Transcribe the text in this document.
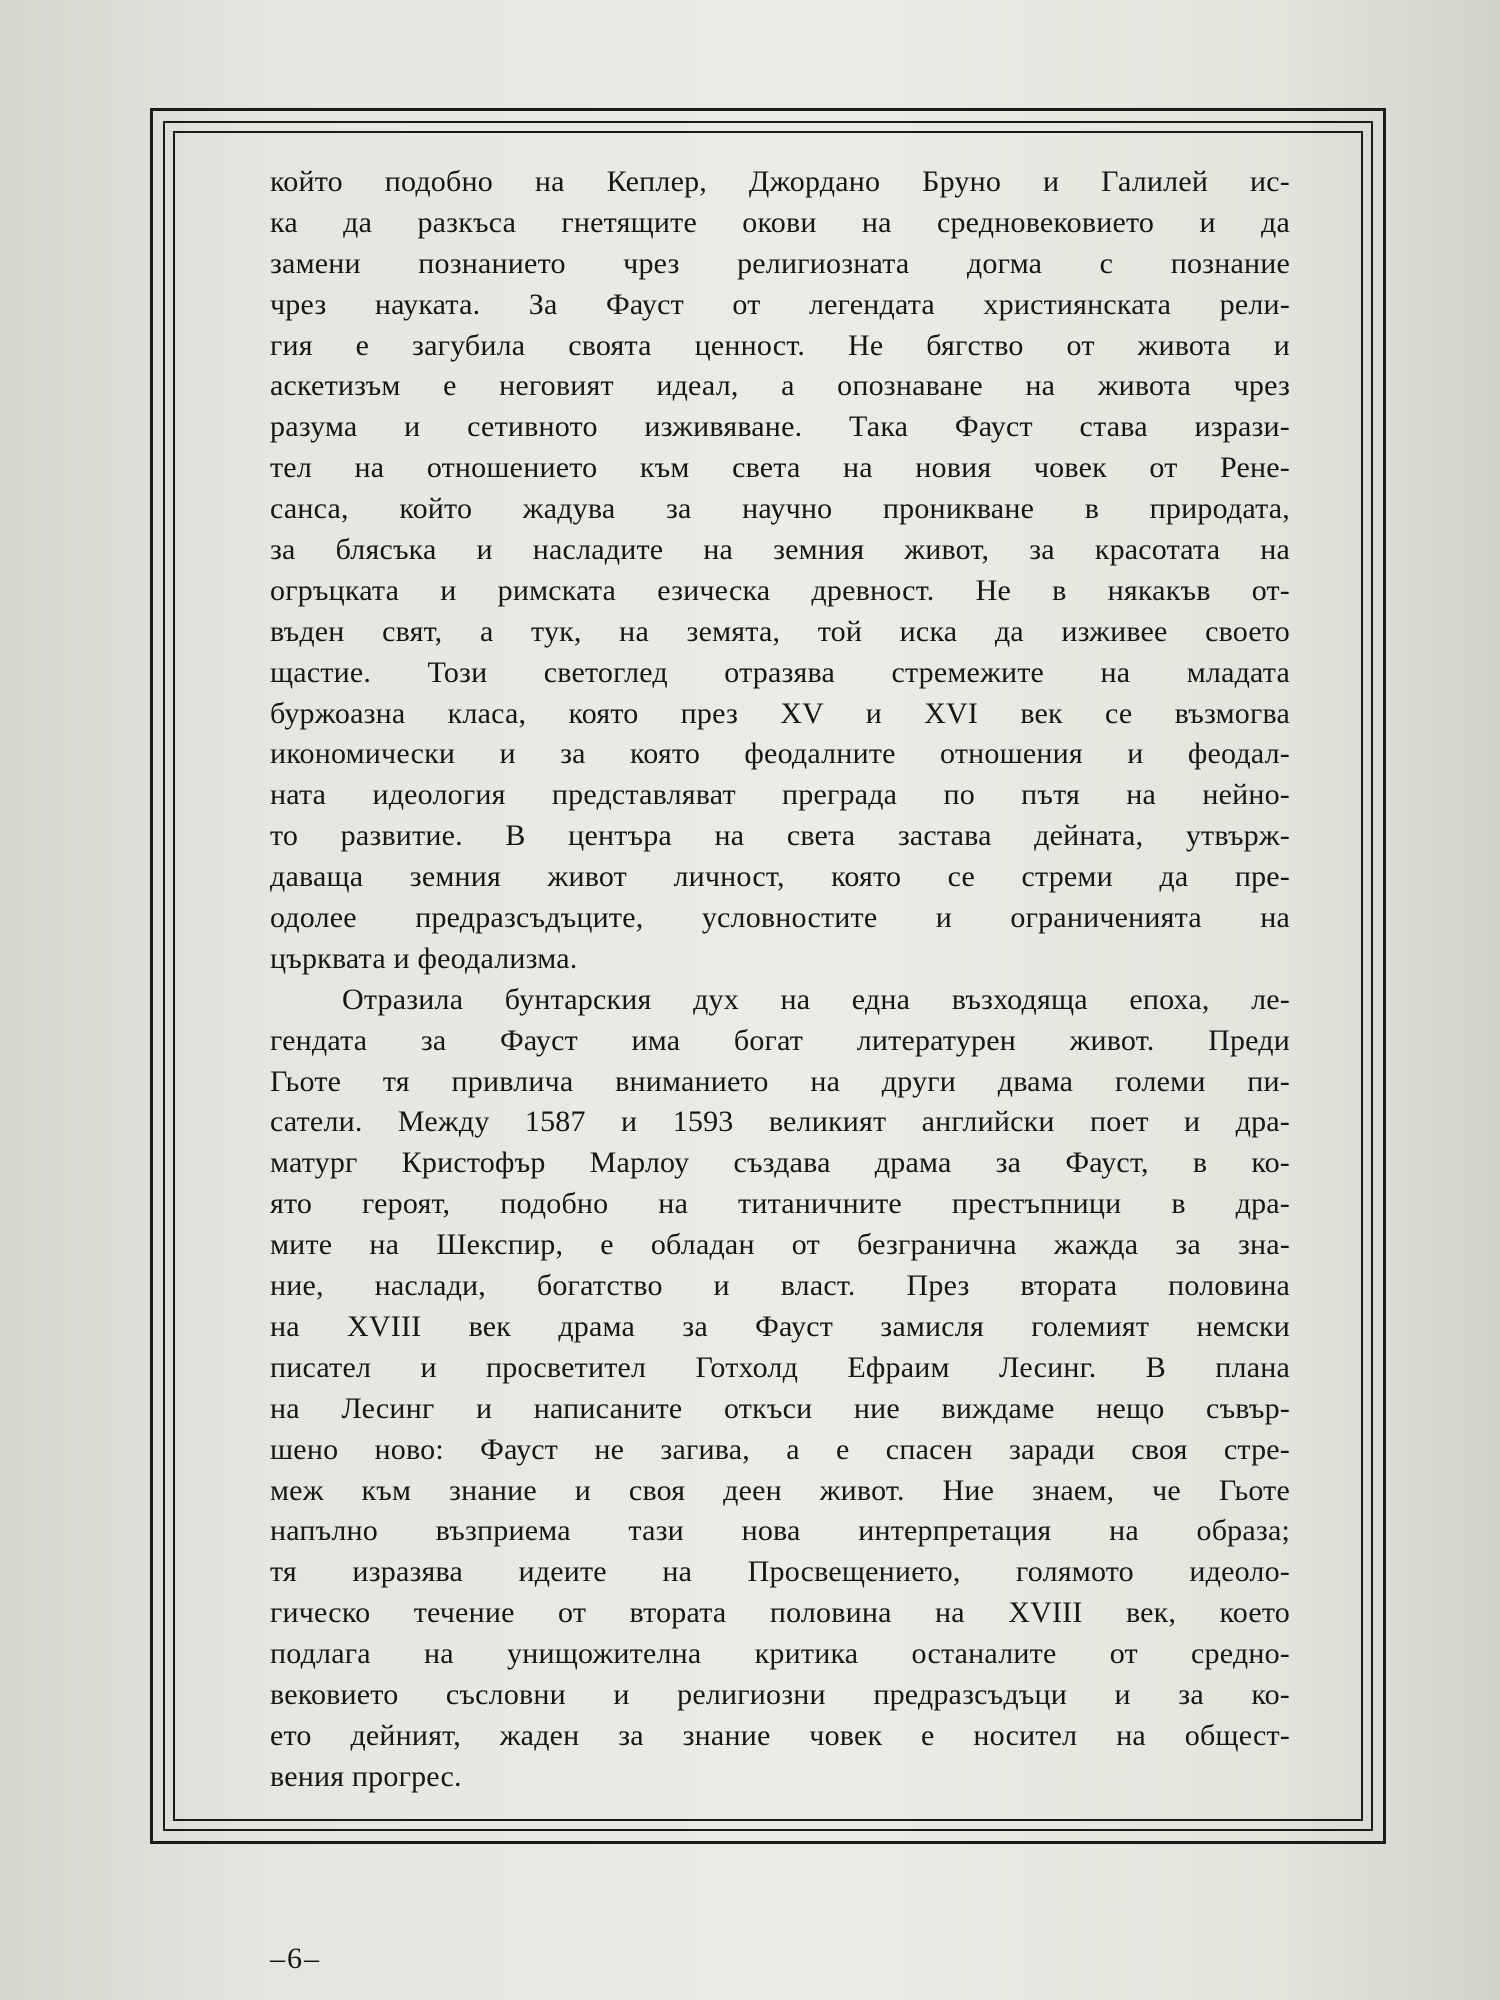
който подобно на Кеплер, Джордано Бруно и Галилей ис-
ка да разкъса гнетящите окови на средновековието и да
замени познанието чрез религиозната догма с познание
чрез науката. За Фауст от легендата християнската рели-
гия е загубила своята ценност. Не бягство от живота и
аскетизъм е неговият идеал, а опознаване на живота чрез
разума и сетивното изживяване. Така Фауст става изрази-
тел на отношението към света на новия човек от Ренe-
санса, който жадува за научно проникване в природата,
за блясъка и насладите на земния живот, за красотата на
огръцката и римската езическа древност. Не в някакъв от-
въден свят, а тук, на земята, той иска да изживее своето
щастие. Този светоглед отразява стремежите на младата
буржоазна класа, която през XV и XVI век се възмогва
икономически и за която феодалните отношения и феодал-
ната идеология представляват преграда по пътя на нейно-
то развитие. В центъра на света застава дейната, утвърж-
даваща земния живот личност, която се стреми да пре-
одолее предразсъдъците, условностите и ограниченията на
църквата и феодализма.
Отразила бунтарския дух на една възходяща епоха, ле-
гендата за Фауст има богат литературен живот. Преди
Гьоте тя привлича вниманието на други двама големи пи-
сатели. Между 1587 и 1593 великият английски поет и дра-
матург Кристофър Марлоу създава драма за Фауст, в ко-
ято героят, подобно на титаничните престъпници в дра-
мите на Шекспир, е обладан от безгранична жажда за зна-
ние, наслади, богатство и власт. През втората половина
на XVIII век драма за Фауст замисля големият немски
писател и просветител Готхолд Ефраим Лесинг. В плана
на Лесинг и написаните откъси ние виждаме нещо съвър-
шено ново: Фауст не загива, а е спасен заради своя стре-
меж към знание и своя деен живот. Ние знаем, че Гьоте
напълно възприема тази нова интерпретация на образа;
тя изразява идеите на Просвещението, голямото идеоло-
гическо течение от втората половина на XVIII век, което
подлага на унищожителна критика останалите от средно-
вековието съсловни и религиозни предразсъдъци и за ко-
ето дейният, жаден за знание човек е носител на общест-
вения прогрес.
–6–
